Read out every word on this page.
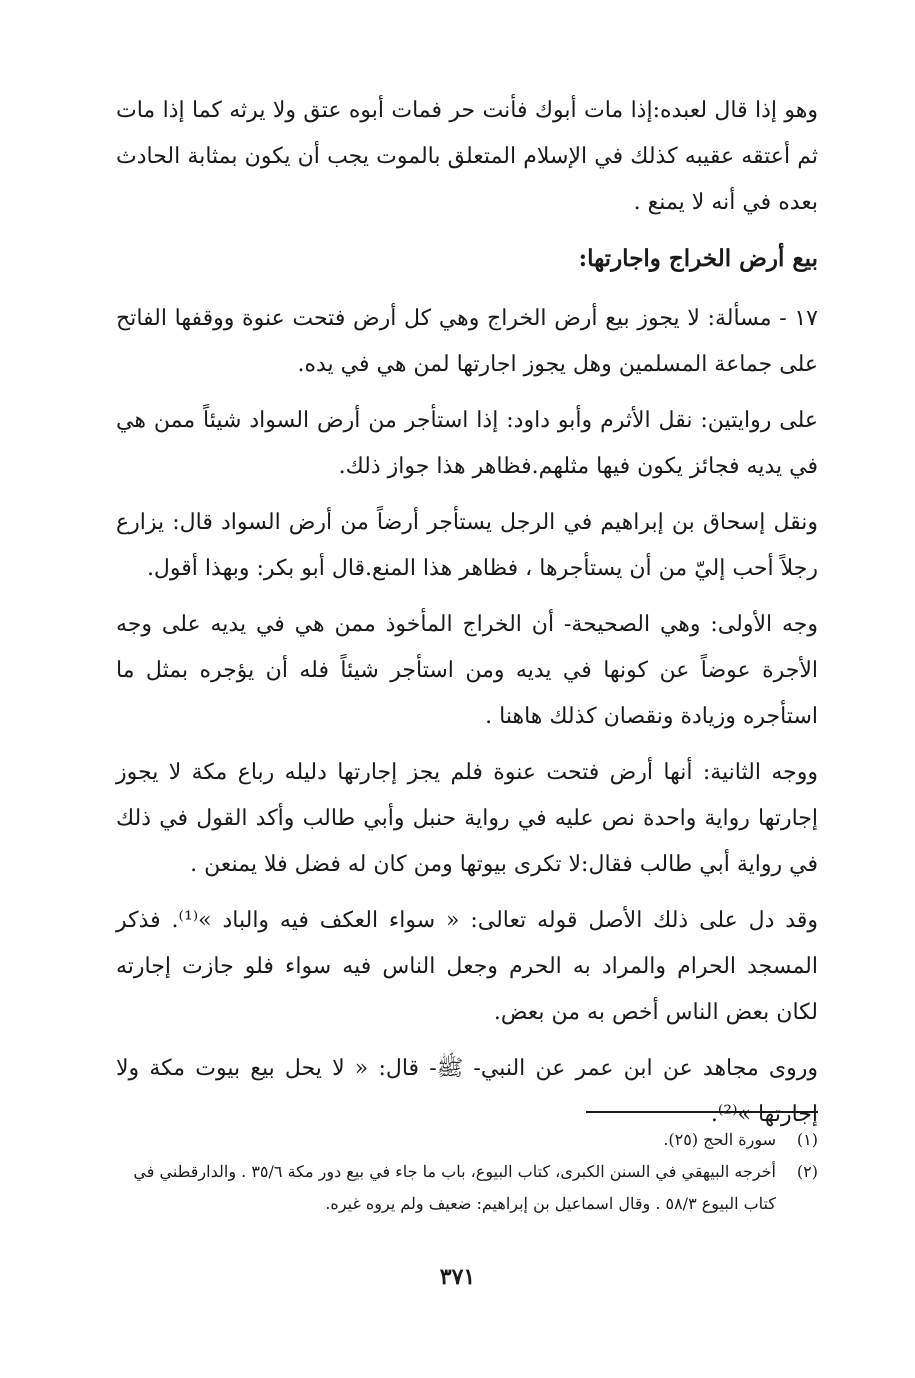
وهو إذا قال لعبده:إذا مات أبوك فأنت حر فمات أبوه عتق ولا يرثه كما إذا مات ثم أعتقه عقيبه كذلك في الإسلام المتعلق بالموت يجب أن يكون بمثابة الحادث بعده في أنه لا يمنع .

بيع أرض الخراج واجارتها:

١٧ - مسألة: لا يجوز بيع أرض الخراج وهي كل أرض فتحت عنوة ووقفها الفاتح على جماعة المسلمين وهل يجوز اجارتها لمن هي في يده.

على روايتين: نقل الأثرم وأبو داود: إذا استأجر من أرض السواد شيئاً ممن هي في يديه فجائز يكون فيها مثلهم.فظاهر هذا جواز ذلك.

ونقل إسحاق بن إبراهيم في الرجل يستأجر أرضاً من أرض السواد قال: يزارع رجلاً أحب إليّ من أن يستأجرها ، فظاهر هذا المنع.قال أبو بكر: وبهذا أقول.

وجه الأولى: وهي الصحيحة- أن الخراج المأخوذ ممن هي في يديه على وجه الأجرة عوضاً عن كونها في يديه ومن استأجر شيئاً فله أن يؤجره بمثل ما استأجره وزيادة ونقصان كذلك هاهنا .

ووجه الثانية: أنها أرض فتحت عنوة فلم يجز إجارتها دليله رباع مكة لا يجوز إجارتها رواية واحدة نص عليه في رواية حنبل وأبي طالب وأكد القول في ذلك في رواية أبي طالب فقال:لا تكرى بيوتها ومن كان له فضل فلا يمنعن .

وقد دل على ذلك الأصل قوله تعالى: « سواء العكف فيه والباد »⁽¹⁾. فذكر المسجد الحرام والمراد به الحرم وجعل الناس فيه سواء فلو جازت إجارته لكان بعض الناس أخص به من بعض.

وروى مجاهد عن ابن عمر عن النبي- ﷺ- قال: « لا يحل بيع بيوت مكة ولا إجارتها »⁽²⁾.

(١)
سورة الحج (٢٥).
(٢)
أخرجه البيهقي في السنن الكبرى، كتاب البيوع، باب ما جاء في بيع دور مكة ٣٥/٦ . والدارقطني في كتاب البيوع ٥٨/٣ . وقال اسماعيل بن إبراهيم: ضعيف ولم يروه غيره.
٣٧١
